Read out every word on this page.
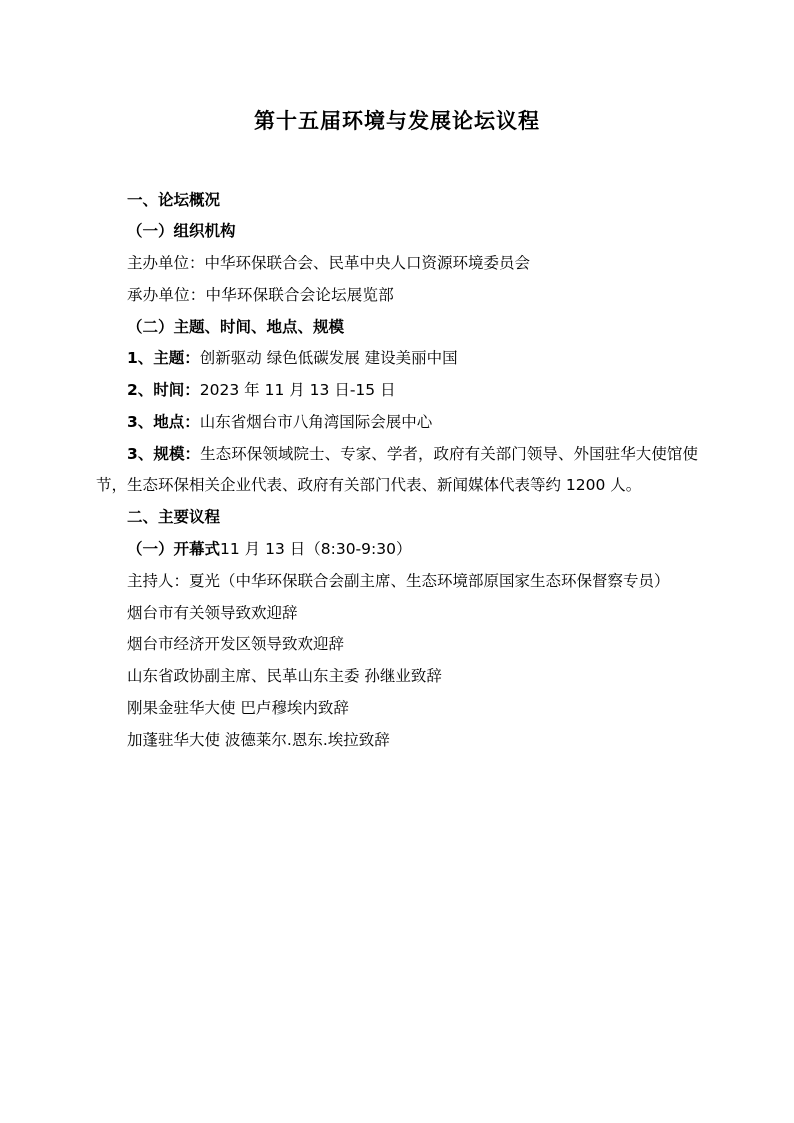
第十五届环境与发展论坛议程
一、论坛概况
（一）组织机构
主办单位：中华环保联合会、民革中央人口资源环境委员会
承办单位：中华环保联合会论坛展览部
（二）主题、时间、地点、规模
1、主题：创新驱动 绿色低碳发展 建设美丽中国
2、时间：2023 年 11 月 13 日-15 日
3、地点：山东省烟台市八角湾国际会展中心
3、规模：生态环保领域院士、专家、学者，政府有关部门领导、外国驻华大使馆使节，生态环保相关企业代表、政府有关部门代表、新闻媒体代表等约 1200 人。
二、主要议程
（一）开幕式11 月 13 日（8:30-9:30）
主持人：夏光（中华环保联合会副主席、生态环境部原国家生态环保督察专员）
烟台市有关领导致欢迎辞
烟台市经济开发区领导致欢迎辞
山东省政协副主席、民革山东主委 孙继业致辞
刚果金驻华大使 巴卢穆埃内致辞
加蓬驻华大使 波德莱尔.恩东.埃拉致辞
